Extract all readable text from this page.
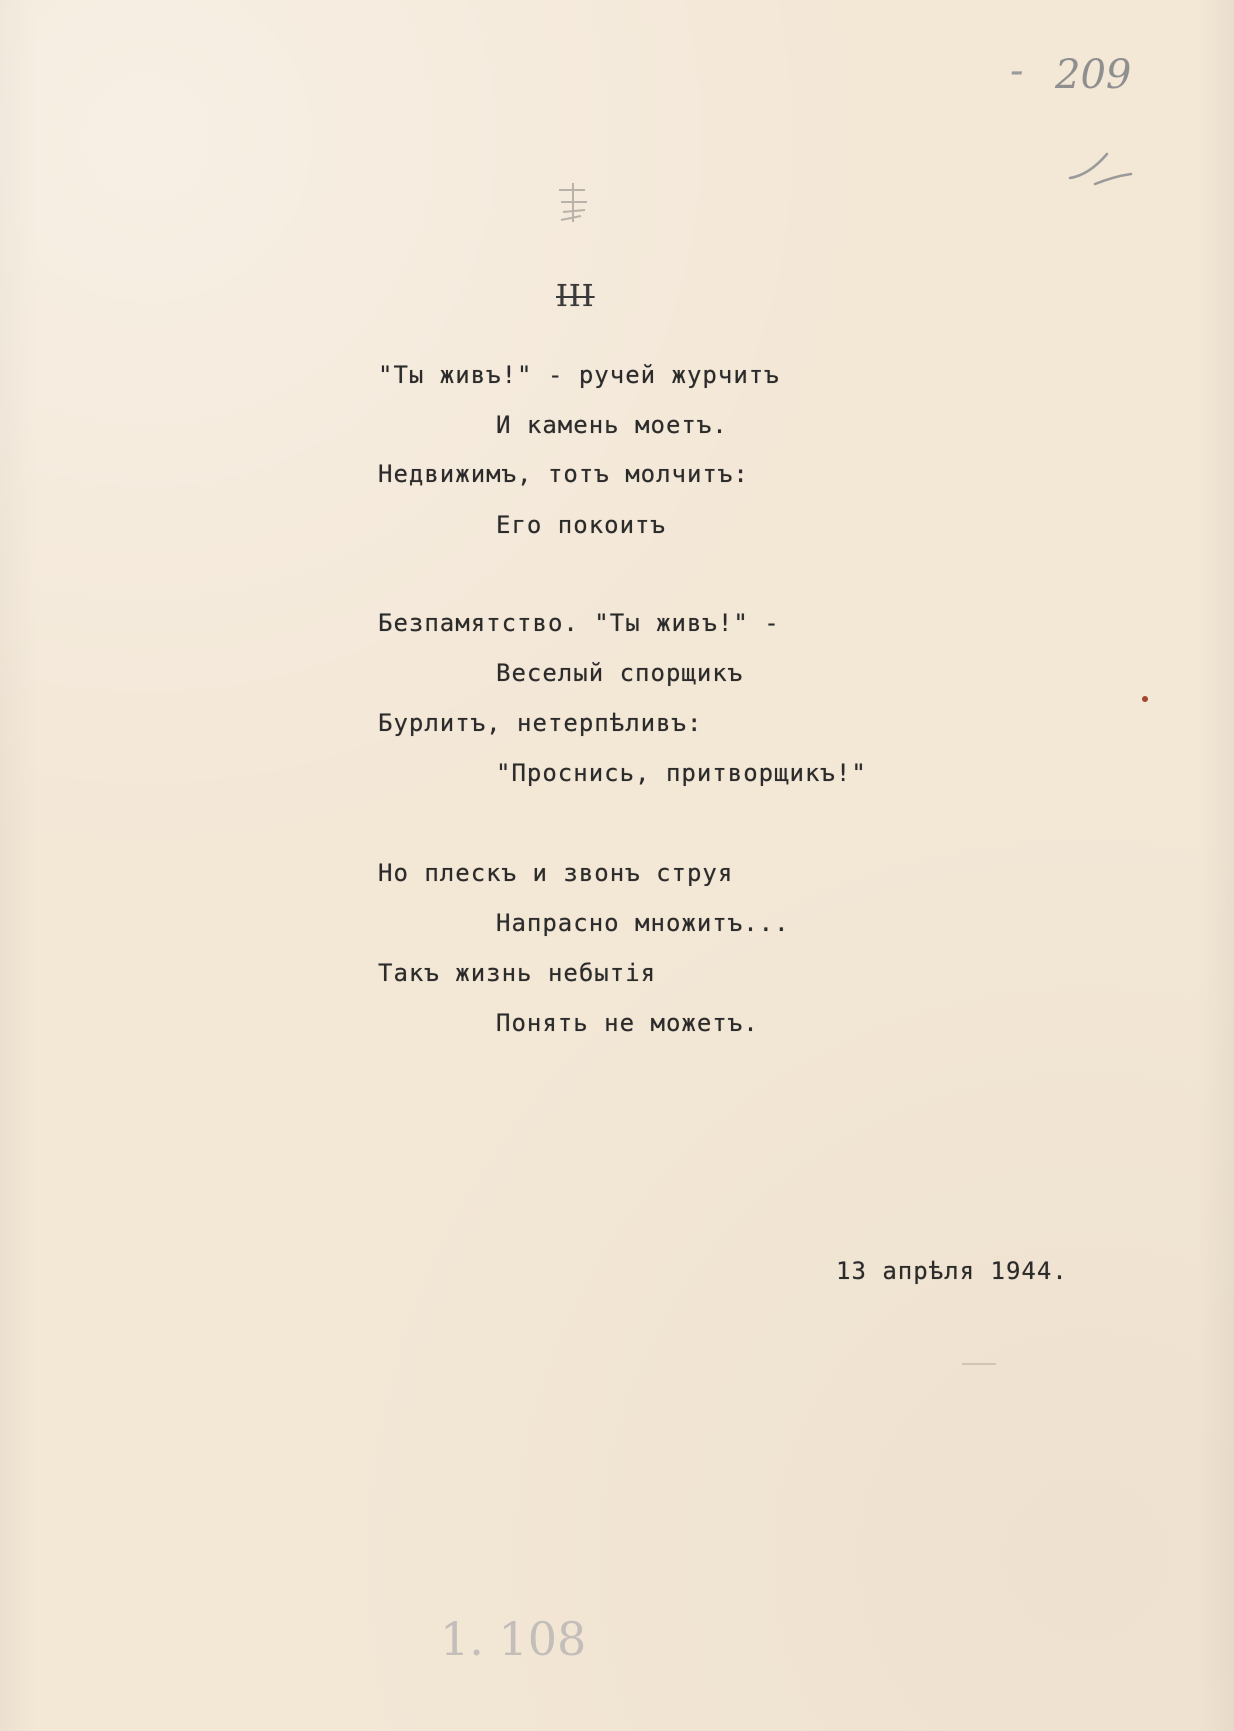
209
-
III
"Ты живъ!" - ручей журчитъ
И камень моетъ.
Недвижимъ, тотъ молчитъ:
Его покоитъ
Безпамятство. "Ты живъ!" -
Веселый спорщикъ
Бурлитъ, нетерпѣливъ:
"Проснись, притворщикъ!"
Но плескъ и звонъ струя
Напрасно множитъ...
Такъ жизнь небытія
Понять не можетъ.
13 апрѣля 1944.
1. 108
